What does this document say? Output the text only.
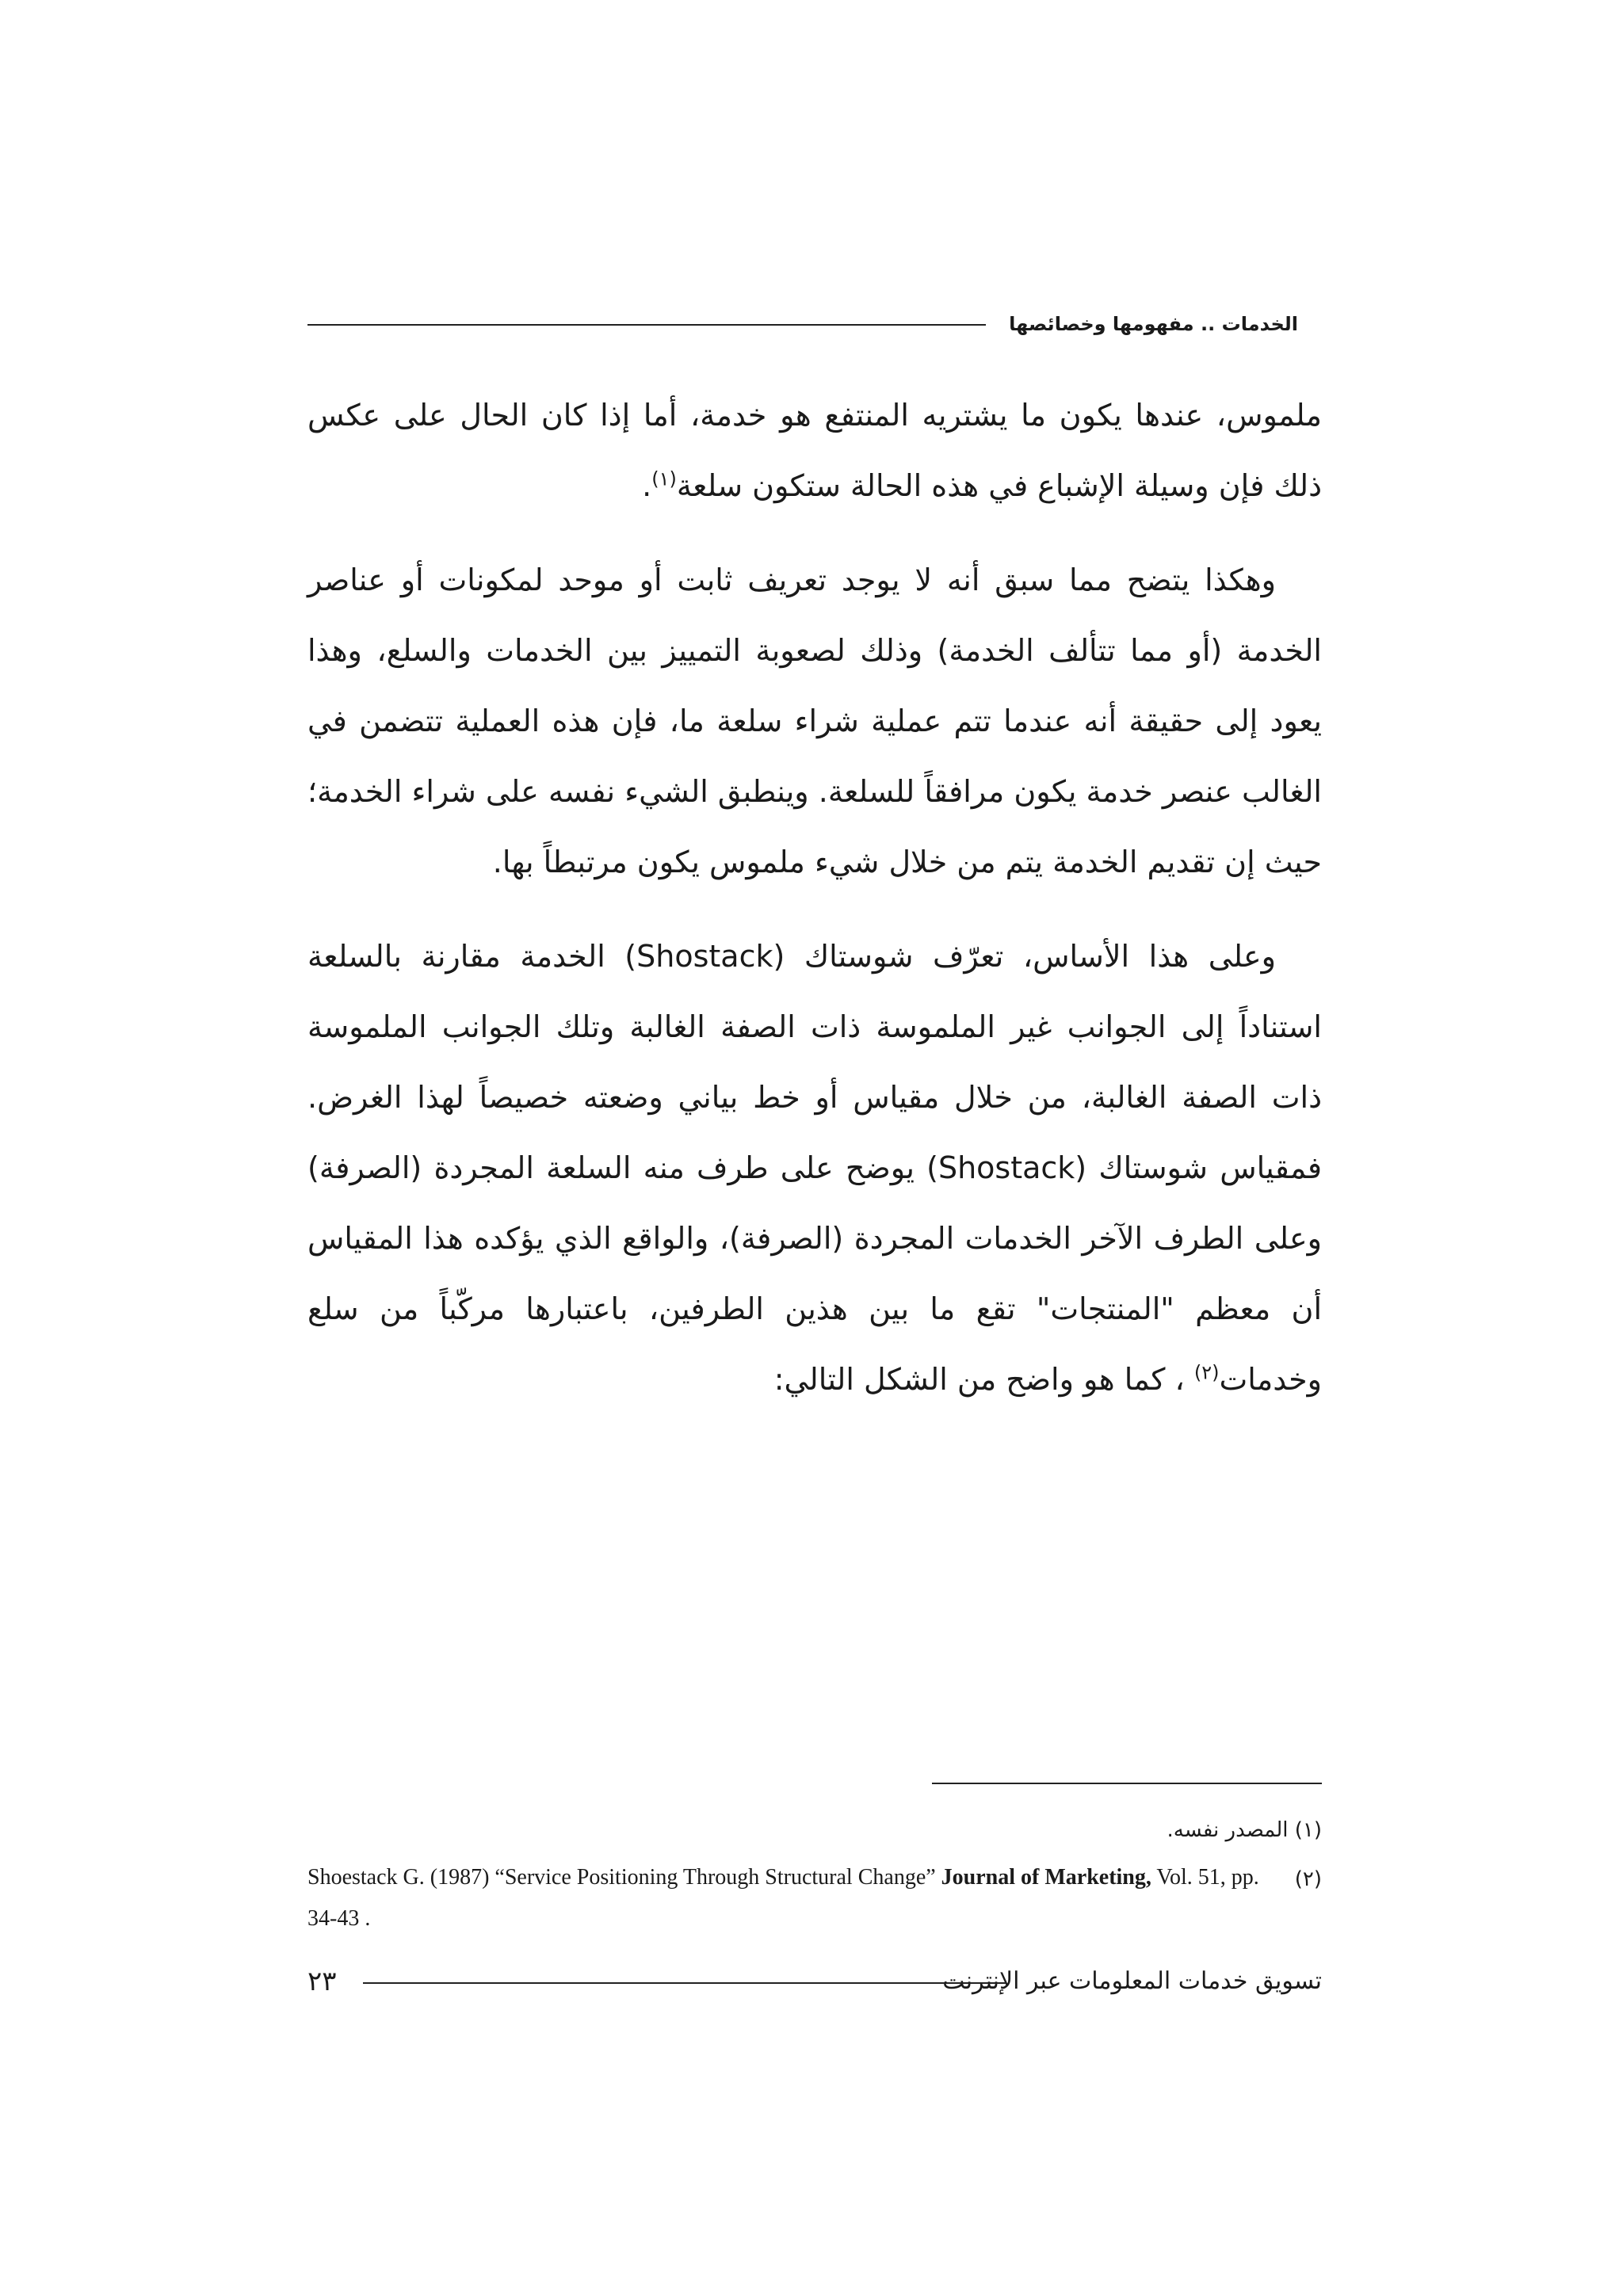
الخدمات .. مفهومها وخصائصها

ملموس، عندها يكون ما يشتريه المنتفع هو خدمة، أما إذا كان الحال على عكس ذلك فإن وسيلة الإشباع في هذه الحالة ستكون سلعة$^{(١)}$.

وهكذا يتضح مما سبق أنه لا يوجد تعريف ثابت أو موحد لمكونات أو عناصر الخدمة (أو مما تتألف الخدمة) وذلك لصعوبة التمييز بين الخدمات والسلع، وهذا يعود إلى حقيقة أنه عندما تتم عملية شراء سلعة ما، فإن هذه العملية تتضمن في الغالب عنصر خدمة يكون مرافقاً للسلعة. وينطبق الشيء نفسه على شراء الخدمة؛ حيث إن تقديم الخدمة يتم من خلال شيء ملموس يكون مرتبطاً بها.

وعلى هذا الأساس، تعرّف شوستاك (Shostack) الخدمة مقارنة بالسلعة استناداً إلى الجوانب غير الملموسة ذات الصفة الغالبة وتلك الجوانب الملموسة ذات الصفة الغالبة، من خلال مقياس أو خط بياني وضعته خصيصاً لهذا الغرض. فمقياس شوستاك (Shostack) يوضح على طرف منه السلعة المجردة (الصرفة) وعلى الطرف الآخر الخدمات المجردة (الصرفة)، والواقع الذي يؤكده هذا المقياس أن معظم "المنتجات" تقع ما بين هذين الطرفين، باعتبارها مركّباً من سلع وخدمات$^{(٢)}$ ، كما هو واضح من الشكل التالي:

(١) المصدر نفسه.
(٢)
Shoestack G. (1987) “Service Positioning Through Structural Change” Journal of Marketing, Vol. 51, pp. 34-43 .
تسويق خدمات المعلومات عبر الإنترنت
٢٣
